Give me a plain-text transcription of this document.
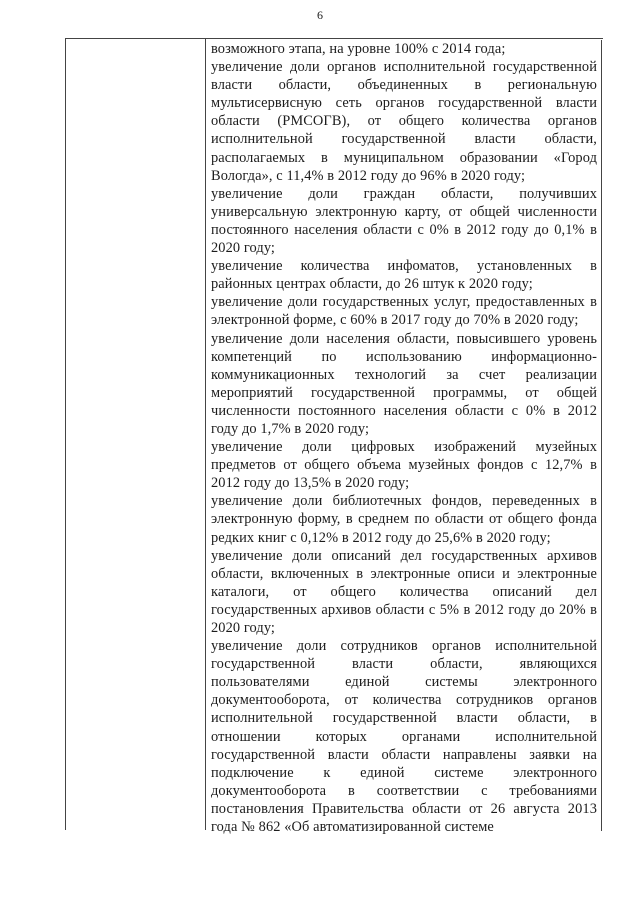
6

возможного этапа, на уровне 100% с 2014 года;

увеличение доли органов исполнительной государственной власти области, объединенных в региональную мультисервисную сеть органов государственной власти области (РМСОГВ), от общего количества органов исполнительной государственной власти области, располагаемых в муниципальном образовании «Город Вологда», с 11,4% в 2012 году до 96% в 2020 году;

увеличение доли граждан области, получивших универсальную электронную карту, от общей численности постоянного населения области с 0% в 2012 году до 0,1% в 2020 году;

увеличение количества инфоматов, установленных в районных центрах области, до 26 штук к 2020 году;

увеличение доли государственных услуг, предоставленных в электронной форме, с 60% в 2017 году до 70% в 2020 году;

увеличение доли населения области, повысившего уровень компетенций по использованию информационно-коммуникационных технологий за счет реализации мероприятий государственной программы, от общей численности постоянного населения области с 0% в 2012 году до 1,7% в 2020 году;

увеличение доли цифровых изображений музейных предметов от общего объема музейных фондов с 12,7% в 2012 году до 13,5% в 2020 году;

увеличение доли библиотечных фондов, переведенных в электронную форму, в среднем по области от общего фонда редких книг с 0,12% в 2012 году до 25,6% в 2020 году;

увеличение доли описаний дел государственных архивов области, включенных в электронные описи и электронные каталоги, от общего количества описаний дел государственных архивов области с 5% в 2012 году до 20% в 2020 году;

увеличение доли сотрудников органов исполнительной государственной власти области, являющихся пользователями единой системы электронного документооборота, от количества сотрудников органов исполнительной государственной власти области, в отношении которых органами исполнительной государственной власти области направлены заявки на подключение к единой системе электронного документооборота в соответствии с требованиями постановления Правительства области от 26 августа 2013 года № 862 «Об автоматизированной системе
